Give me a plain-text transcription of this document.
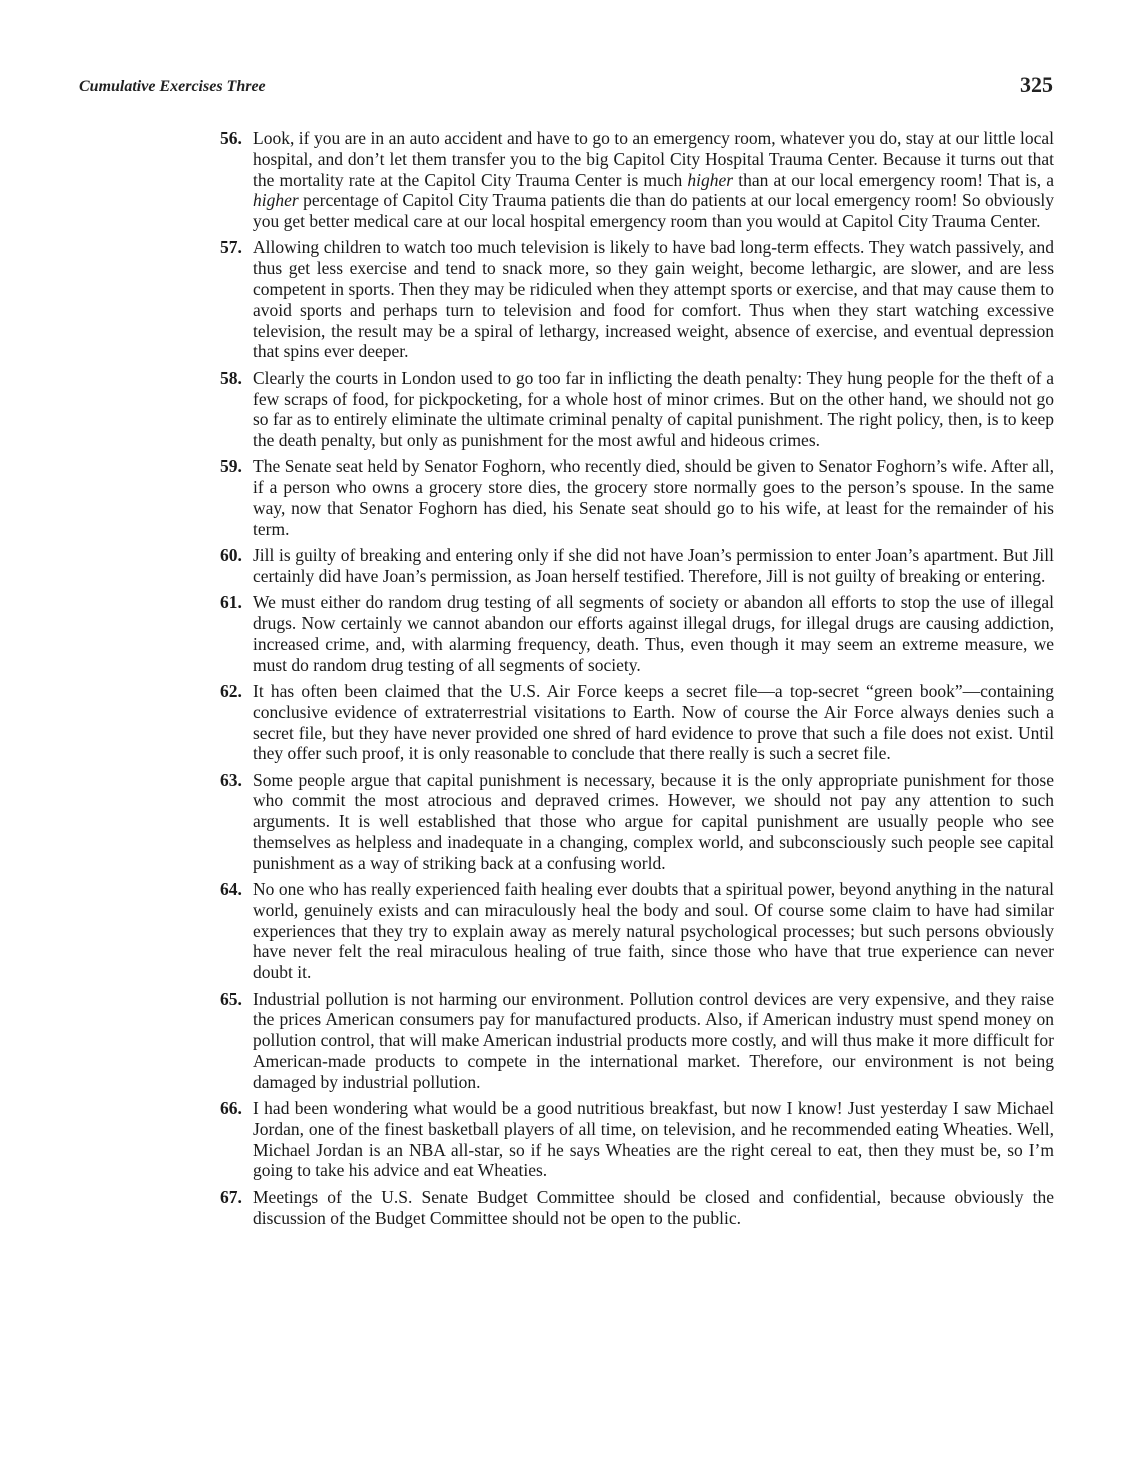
Cumulative Exercises Three	325
56. Look, if you are in an auto accident and have to go to an emergency room, whatever you do, stay at our little local hospital, and don’t let them transfer you to the big Capitol City Hospital Trauma Center. Because it turns out that the mortality rate at the Capitol City Trauma Center is much higher than at our local emergency room! That is, a higher percentage of Capitol City Trauma patients die than do patients at our local emergency room! So obviously you get better medical care at our local hospital emergency room than you would at Capitol City Trauma Center.
57. Allowing children to watch too much television is likely to have bad long-term effects. They watch passively, and thus get less exercise and tend to snack more, so they gain weight, become lethargic, are slower, and are less competent in sports. Then they may be ridiculed when they attempt sports or exercise, and that may cause them to avoid sports and perhaps turn to television and food for comfort. Thus when they start watching excessive television, the result may be a spiral of lethargy, increased weight, absence of exercise, and eventual depression that spins ever deeper.
58. Clearly the courts in London used to go too far in inflicting the death penalty: They hung people for the theft of a few scraps of food, for pickpocketing, for a whole host of minor crimes. But on the other hand, we should not go so far as to entirely eliminate the ultimate criminal penalty of capital punishment. The right policy, then, is to keep the death penalty, but only as punishment for the most awful and hideous crimes.
59. The Senate seat held by Senator Foghorn, who recently died, should be given to Senator Foghorn’s wife. After all, if a person who owns a grocery store dies, the grocery store normally goes to the person’s spouse. In the same way, now that Senator Foghorn has died, his Senate seat should go to his wife, at least for the remainder of his term.
60. Jill is guilty of breaking and entering only if she did not have Joan’s permission to enter Joan’s apartment. But Jill certainly did have Joan’s permission, as Joan herself testified. Therefore, Jill is not guilty of breaking or entering.
61. We must either do random drug testing of all segments of society or abandon all efforts to stop the use of illegal drugs. Now certainly we cannot abandon our efforts against illegal drugs, for illegal drugs are causing addiction, increased crime, and, with alarming frequency, death. Thus, even though it may seem an extreme measure, we must do random drug testing of all segments of society.
62. It has often been claimed that the U.S. Air Force keeps a secret file—a top-secret “green book”—containing conclusive evidence of extraterrestrial visitations to Earth. Now of course the Air Force always denies such a secret file, but they have never provided one shred of hard evidence to prove that such a file does not exist. Until they offer such proof, it is only reasonable to conclude that there really is such a secret file.
63. Some people argue that capital punishment is necessary, because it is the only appropriate punishment for those who commit the most atrocious and depraved crimes. However, we should not pay any attention to such arguments. It is well established that those who argue for capital punishment are usually people who see themselves as helpless and inadequate in a changing, complex world, and subconsciously such people see capital punishment as a way of striking back at a confusing world.
64. No one who has really experienced faith healing ever doubts that a spiritual power, beyond anything in the natural world, genuinely exists and can miraculously heal the body and soul. Of course some claim to have had similar experiences that they try to explain away as merely natural psychological processes; but such persons obviously have never felt the real miraculous healing of true faith, since those who have that true experience can never doubt it.
65. Industrial pollution is not harming our environment. Pollution control devices are very expensive, and they raise the prices American consumers pay for manufactured products. Also, if American industry must spend money on pollution control, that will make American industrial products more costly, and will thus make it more difficult for American-made products to compete in the international market. Therefore, our environment is not being damaged by industrial pollution.
66. I had been wondering what would be a good nutritious breakfast, but now I know! Just yesterday I saw Michael Jordan, one of the finest basketball players of all time, on television, and he recommended eating Wheaties. Well, Michael Jordan is an NBA all-star, so if he says Wheaties are the right cereal to eat, then they must be, so I’m going to take his advice and eat Wheaties.
67. Meetings of the U.S. Senate Budget Committee should be closed and confidential, because obviously the discussion of the Budget Committee should not be open to the public.
